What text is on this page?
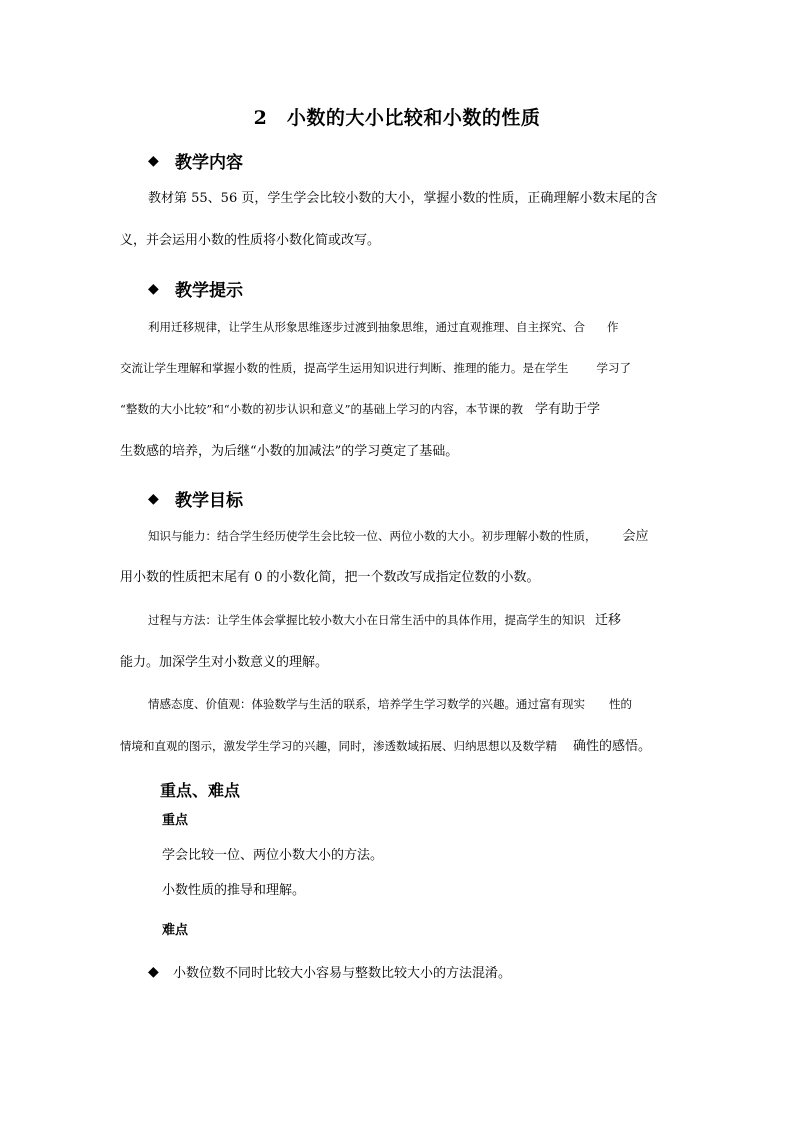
2　小数的大小比较和小数的性质
◆ 教学内容
教材第 55、56 页，学生学会比较小数的大小，掌握小数的性质，正确理解小数末尾的含
义，并会运用小数的性质将小数化简或改写。
◆ 教学提示
利用迁移规律，让学生从形象思维逐步过渡到抽象思维，通过直观推理、自主探究、合 作
交流让学生理解和掌握小数的性质，提高学生运用知识进行判断、推理的能力。是在学生 学习了
“整数的大小比较”和“小数的初步认识和意义”的基础上学习的内容，本节课的教 学有助于学
生数感的培养，为后继“小数的加减法”的学习奠定了基础。
◆ 教学目标
知识与能力：结合学生经历使学生会比较一位、两位小数的大小。初步理解小数的性质， 会应
用小数的性质把末尾有 0 的小数化简，把一个数改写成指定位数的小数。
过程与方法：让学生体会掌握比较小数大小在日常生活中的具体作用，提高学生的知识 迁移
能力。加深学生对小数意义的理解。
情感态度、价值观：体验数学与生活的联系，培养学生学习数学的兴趣。通过富有现实 性的
情境和直观的图示，激发学生学习的兴趣，同时，渗透数域拓展、归纳思想以及数学精 确性的感悟。
重点、难点
重点
学会比较一位、两位小数大小的方法。
小数性质的推导和理解。
难点
◆	小数位数不同时比较大小容易与整数比较大小的方法混淆。
